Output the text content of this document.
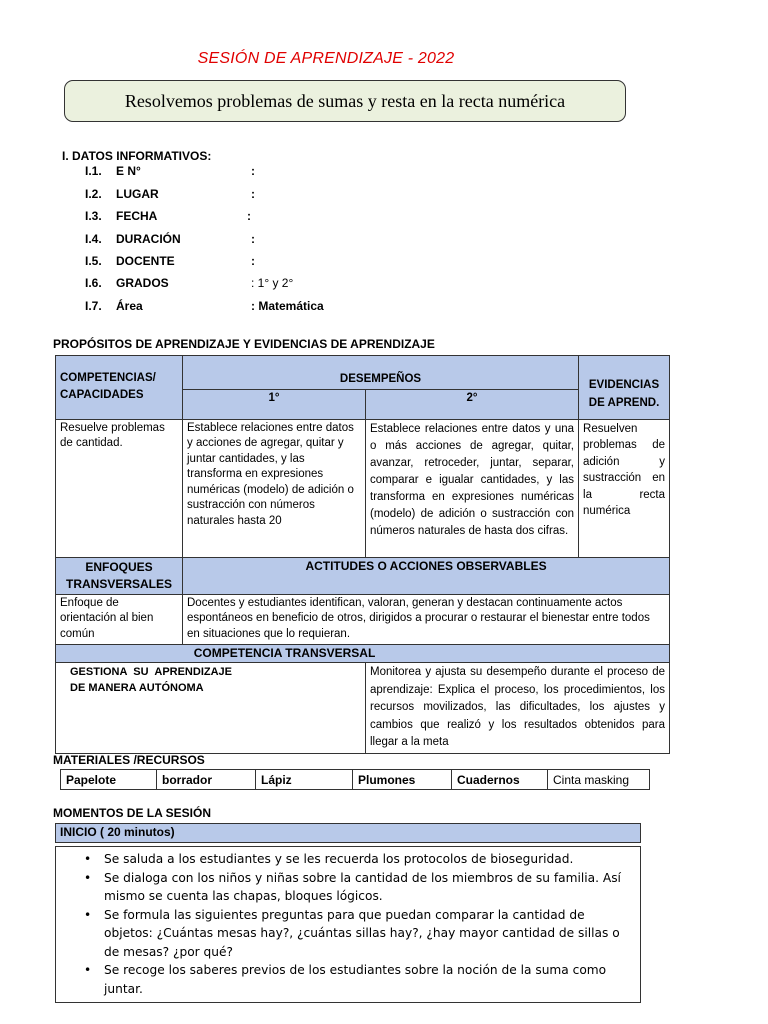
SESIÓN DE APRENDIZAJE - 2022
Resolvemos problemas de sumas y resta en la recta numérica
I. DATOS INFORMATIVOS:
I.1. E N°	:
I.2. LUGAR	:
I.3. FECHA	:
I.4. DURACIÓN	:
I.5. DOCENTE	:
I.6. GRADOS	: 1° y 2°
I.7. Área	: Matemática
PROPÓSITOS DE APRENDIZAJE Y EVIDENCIAS DE APRENDIZAJE
COMPETENCIAS/ CAPACIDADES	DESEMPEÑOS		EVIDENCIAS DE APREND.
	1°	2°	
Resuelve problemas de cantidad.	Establece relaciones entre datos y acciones de agregar, quitar y juntar cantidades, y las transforma en expresiones numéricas (modelo) de adición o sustracción con números naturales hasta 20	Establece relaciones entre datos y una o más acciones de agregar, quitar, avanzar, retroceder, juntar, separar, comparar e igualar cantidades, y las transforma en expresiones numéricas (modelo) de adición o sustracción con números naturales de hasta dos cifras.	Resuelven problemas de adición y sustracción en la recta numérica
ENFOQUES TRANSVERSALES	ACTITUDES O ACCIONES OBSERVABLES		
Enfoque de orientación al bien común	Docentes y estudiantes identifican, valoran, generan y destacan continuamente actos espontáneos en beneficio de otros, dirigidos a procurar o restaurar el bienestar entre todos en situaciones que lo requieran.		
COMPETENCIA TRANSVERSAL			

GESTIONA SU APRENDIZAJE DE MANERA AUTÓNOMA		Monitorea y ajusta su desempeño durante el proceso de aprendizaje: Explica el proceso, los procedimientos, los recursos movilizados, las dificultades, los ajustes y cambios que realizó y los resultados obtenidos para llegar a la meta	
MATERIALES /RECURSOS
Papelote	borrador	Lápiz	Plumones	Cuadernos	Cinta masking
MOMENTOS DE LA SESIÓN
INICIO ( 20 minutos)
• Se saluda a los estudiantes y se les recuerda los protocolos de bioseguridad.
• Se dialoga con los niños y niñas sobre la cantidad de los miembros de su familia. Así mismo se cuenta las chapas, bloques lógicos.
• Se formula las siguientes preguntas para que puedan comparar la cantidad de objetos: ¿Cuántas mesas hay?, ¿cuántas sillas hay?, ¿hay mayor cantidad de sillas o de mesas? ¿por qué?
• Se recoge los saberes previos de los estudiantes sobre la noción de la suma como juntar.
